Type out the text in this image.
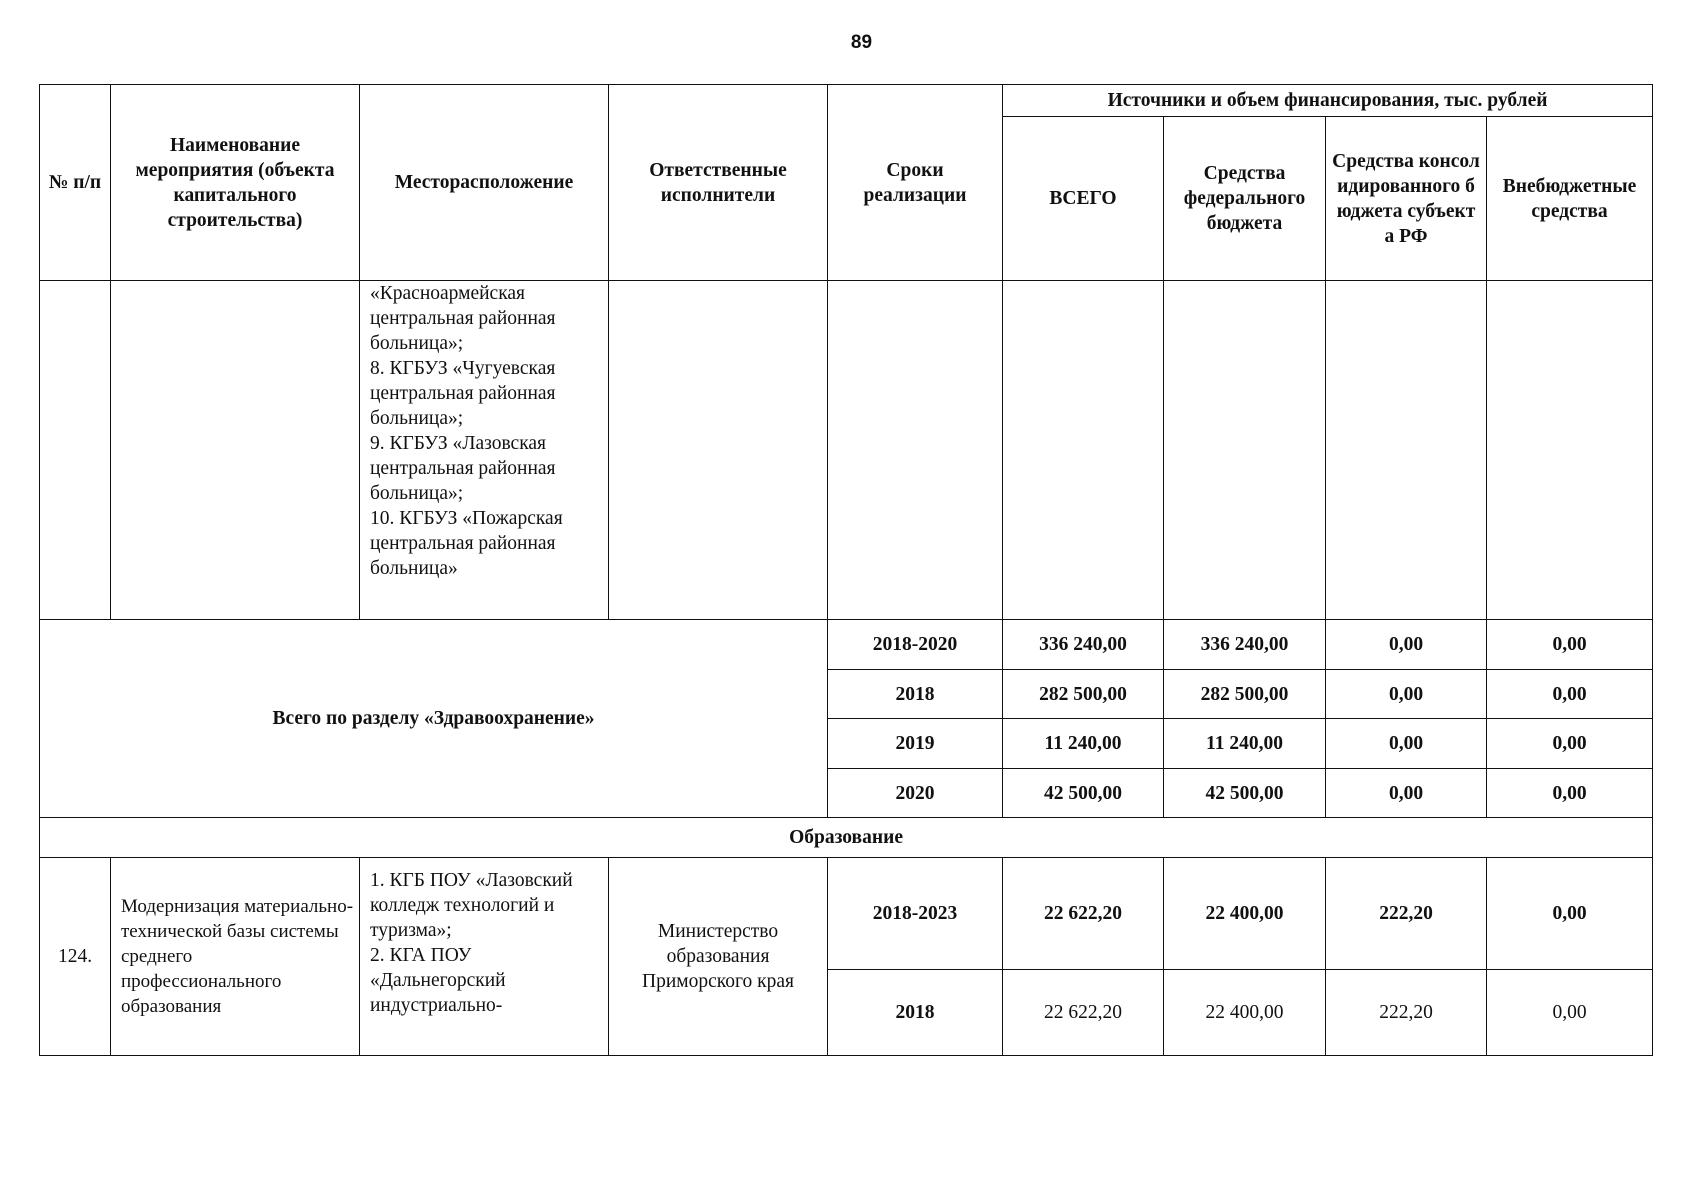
89
№ п/п	Наименование мероприятия (объекта капитального строительства)	Месторасположение	Ответственные исполнители	Сроки реализации	Источники и объем финансирования, тыс. рублей			
					ВСЕГО	Средства федерального бюджета	Средства консолидированного бюджета субъекта РФ	Внебюджетные средства

		«Красноармейская центральная районная больница»;
8. КГБУЗ «Чугуевская центральная районная больница»;
9. КГБУЗ «Лазовская центральная районная больница»;
10. КГБУЗ «Пожарская центральная районная больница»						

Всего по разделу «Здравоохранение»				2018-2020	336 240,00	336 240,00	0,00	0,00
				2018	282 500,00	282 500,00	0,00	0,00
				2019	11 240,00	11 240,00	0,00	0,00
				2020	42 500,00	42 500,00	0,00	0,00
Образование								
124.	Модернизация материально-технической базы системы среднего профессионального образования	1. КГБ ПОУ «Лазовский колледж технологий и туризма»;
2. КГА ПОУ «Дальнегорский индустриально-	Министерство образования Приморского края	2018-2023	22 622,20	22 400,00	222,20	0,00
				2018	22 622,20	22 400,00	222,20	0,00
